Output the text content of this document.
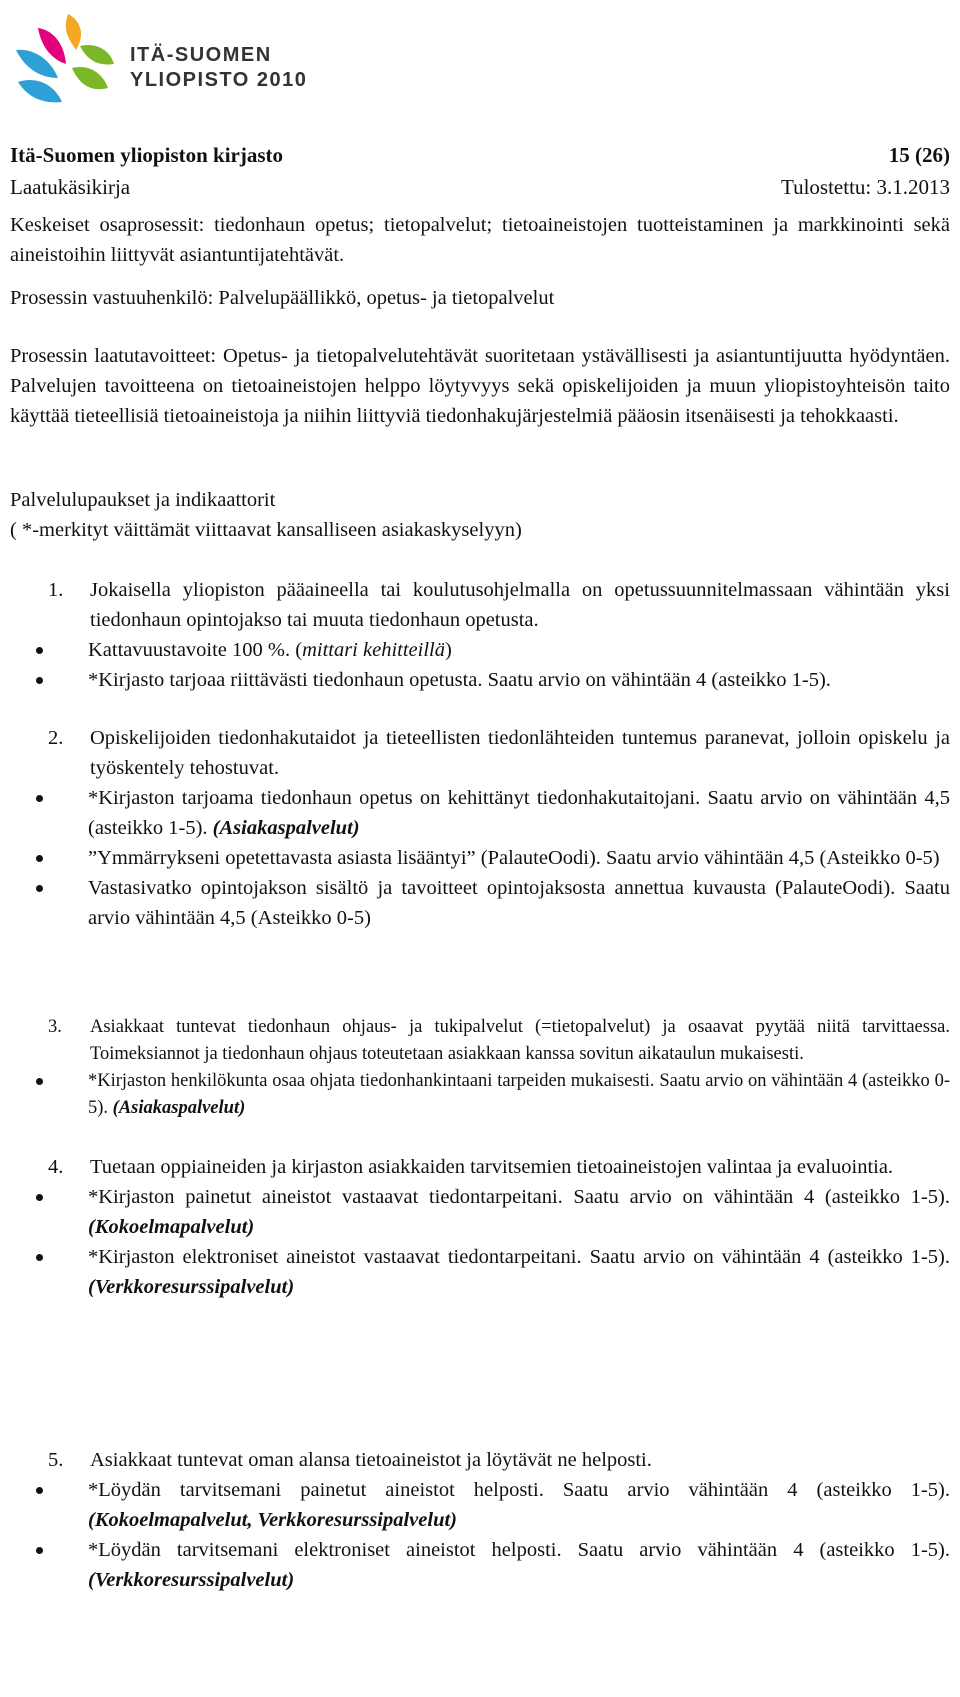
ITÄ-SUOMEN
YLIOPISTO 2010
Itä-Suomen yliopiston kirjasto	15 (26)
Laatukäsikirja	Tulostettu: 3.1.2013
Keskeiset osaprosessit: tiedonhaun opetus; tietopalvelut; tietoaineistojen tuotteistaminen ja markkinointi sekä aineistoihin liittyvät asiantuntijatehtävät.
Prosessin vastuuhenkilö: Palvelupäällikkö, opetus- ja tietopalvelut
Prosessin laatutavoitteet: Opetus- ja tietopalvelutehtävät suoritetaan ystävällisesti ja asiantuntijuutta hyödyntäen. Palvelujen tavoitteena on tietoaineistojen helppo löytyvyys sekä opiskelijoiden ja muun yliopistoyhteisön taito käyttää tieteellisiä tietoaineistoja ja niihin liittyviä tiedonhakujärjestelmiä pääosin itsenäisesti ja tehokkaasti.
Palvelulupaukset ja indikaattorit
( *-merkityt väittämät viittaavat kansalliseen asiakaskyselyyn)
1. Jokaisella yliopiston pääaineella tai koulutusohjelmalla on opetussuunnitelmassaan vähintään yksi tiedonhaun opintojakso tai muuta tiedonhaun opetusta.
Kattavuustavoite 100 %. (mittari kehitteillä)
*Kirjasto tarjoaa riittävästi tiedonhaun opetusta. Saatu arvio on vähintään 4 (asteikko 1-5).
2. Opiskelijoiden tiedonhakutaidot ja tieteellisten tiedonlähteiden tuntemus paranevat, jolloin opiskelu ja työskentely tehostuvat.
*Kirjaston tarjoama tiedonhaun opetus on kehittänyt tiedonhakutaitojani. Saatu arvio on vähintään 4,5 (asteikko 1-5). (Asiakaspalvelut)
”Ymmärrykseni opetettavasta asiasta lisääntyi” (PalauteOodi). Saatu arvio vähintään 4,5 (Asteikko 0-5)
Vastasivatko opintojakson sisältö ja tavoitteet opintojaksosta annettua kuvausta (PalauteOodi). Saatu arvio vähintään 4,5 (Asteikko 0-5)
3. Asiakkaat tuntevat tiedonhaun ohjaus- ja tukipalvelut (=tietopalvelut) ja osaavat pyytää niitä tarvittaessa. Toimeksiannot ja tiedonhaun ohjaus toteutetaan asiakkaan kanssa sovitun aikataulun mukaisesti.
*Kirjaston henkilökunta osaa ohjata tiedonhankintaani tarpeiden mukaisesti. Saatu arvio on vähintään 4 (asteikko 0-5). (Asiakaspalvelut)
4. Tuetaan oppiaineiden ja kirjaston asiakkaiden tarvitsemien tietoaineistojen valintaa ja evaluointia.
*Kirjaston painetut aineistot vastaavat tiedontarpeitani. Saatu arvio on vähintään 4 (asteikko 1-5). (Kokoelmapalvelut)
*Kirjaston elektroniset aineistot vastaavat tiedontarpeitani. Saatu arvio on vähintään 4 (asteikko 1-5). (Verkkoresurssipalvelut)
5. Asiakkaat tuntevat oman alansa tietoaineistot ja löytävät ne helposti.
*Löydän tarvitsemani painetut aineistot helposti. Saatu arvio vähintään 4 (asteikko 1-5).(Kokoelmapalvelut, Verkkoresurssipalvelut)
*Löydän tarvitsemani elektroniset aineistot helposti. Saatu arvio vähintään 4 (asteikko 1-5). (Verkkoresurssipalvelut)
